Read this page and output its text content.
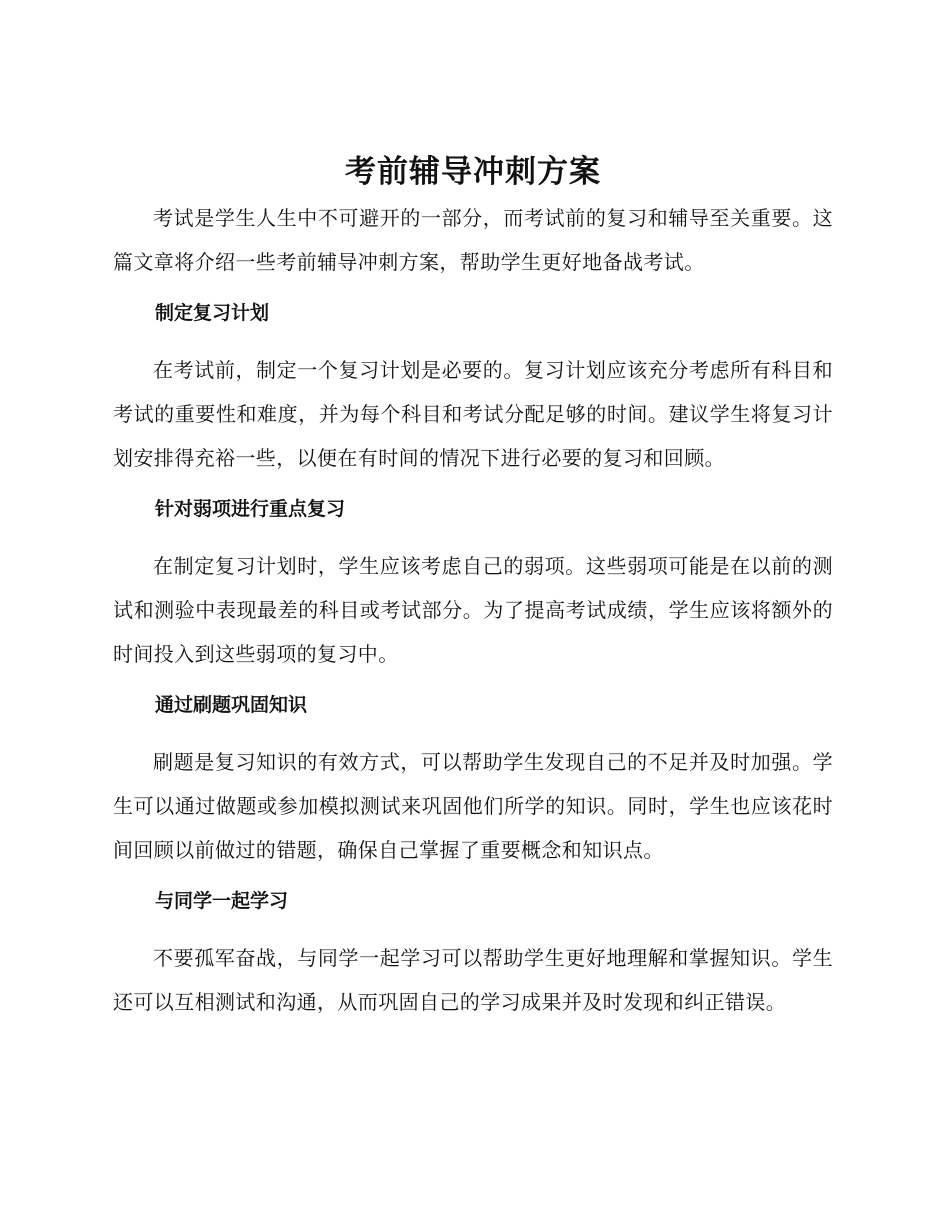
考前辅导冲刺方案

考试是学生人生中不可避开的一部分，而考试前的复习和辅导至关重要。这篇文章将介绍一些考前辅导冲刺方案，帮助学生更好地备战考试。

制定复习计划

在考试前，制定一个复习计划是必要的。复习计划应该充分考虑所有科目和考试的重要性和难度，并为每个科目和考试分配足够的时间。建议学生将复习计划安排得充裕一些，以便在有时间的情况下进行必要的复习和回顾。

针对弱项进行重点复习

在制定复习计划时，学生应该考虑自己的弱项。这些弱项可能是在以前的测试和测验中表现最差的科目或考试部分。为了提高考试成绩，学生应该将额外的时间投入到这些弱项的复习中。

通过刷题巩固知识

刷题是复习知识的有效方式，可以帮助学生发现自己的不足并及时加强。学生可以通过做题或参加模拟测试来巩固他们所学的知识。同时，学生也应该花时间回顾以前做过的错题，确保自己掌握了重要概念和知识点。

与同学一起学习

不要孤军奋战，与同学一起学习可以帮助学生更好地理解和掌握知识。学生还可以互相测试和沟通，从而巩固自己的学习成果并及时发现和纠正错误。
